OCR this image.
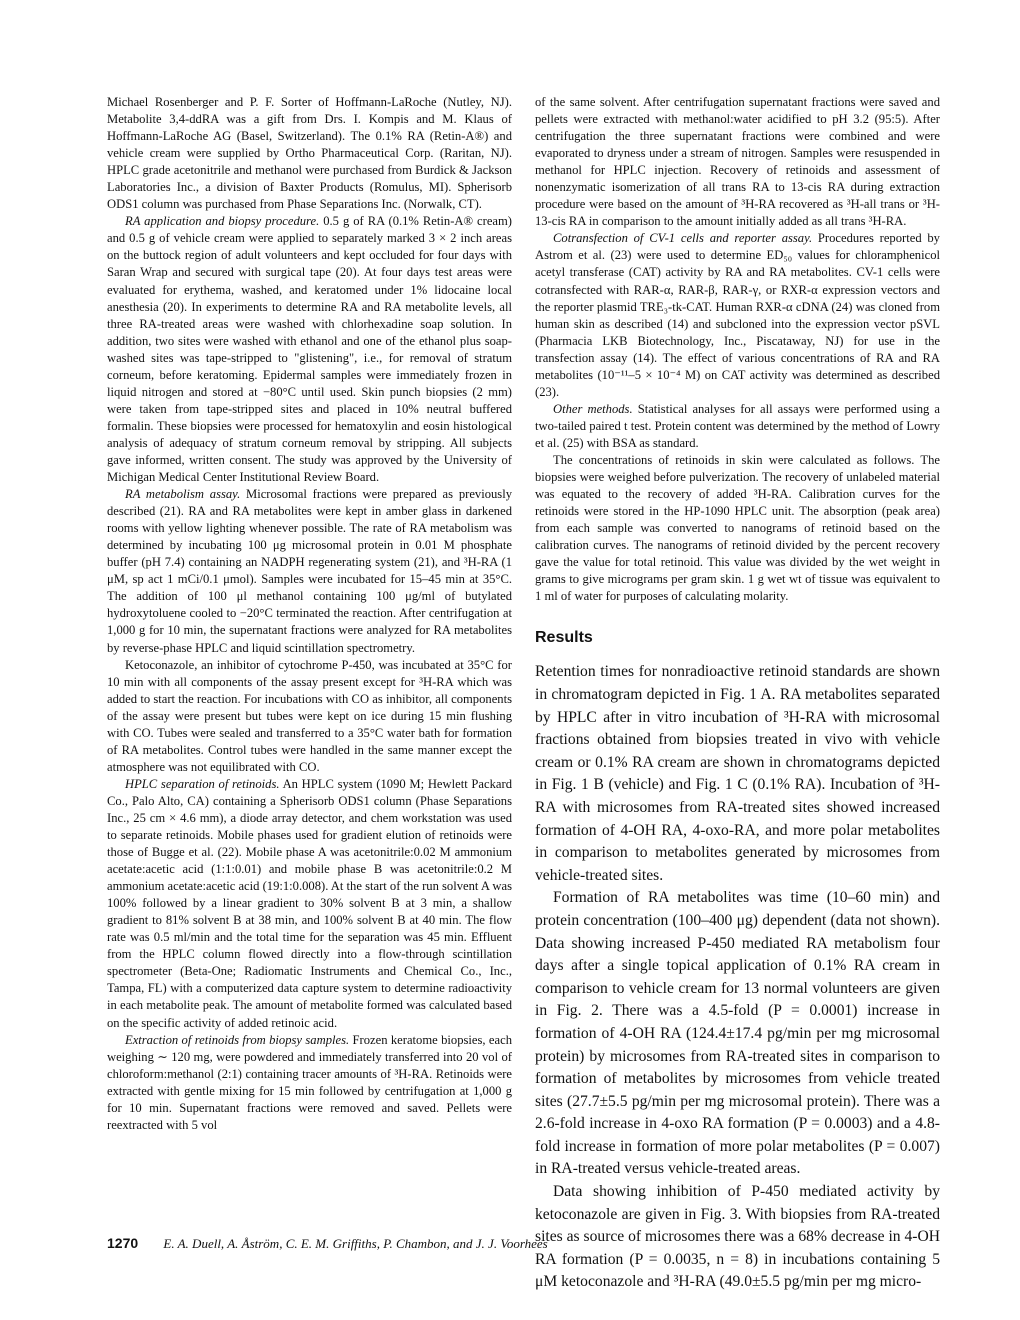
Michael Rosenberger and P. F. Sorter of Hoffmann-LaRoche (Nutley, NJ). Metabolite 3,4-ddRA was a gift from Drs. I. Kompis and M. Klaus of Hoffmann-LaRoche AG (Basel, Switzerland). The 0.1% RA (Retin-A®) and vehicle cream were supplied by Ortho Pharmaceutical Corp. (Raritan, NJ). HPLC grade acetonitrile and methanol were purchased from Burdick & Jackson Laboratories Inc., a division of Baxter Products (Romulus, MI). Spherisorb ODS1 column was purchased from Phase Separations Inc. (Norwalk, CT).

RA application and biopsy procedure. 0.5 g of RA (0.1% Retin-A® cream) and 0.5 g of vehicle cream were applied to separately marked 3 × 2 inch areas on the buttock region of adult volunteers and kept occluded for four days with Saran Wrap and secured with surgical tape (20). At four days test areas were evaluated for erythema, washed, and keratomed under 1% lidocaine local anesthesia (20). In experiments to determine RA and RA metabolite levels, all three RA-treated areas were washed with chlorhexadine soap solution. In addition, two sites were washed with ethanol and one of the ethanol plus soap-washed sites was tape-stripped to "glistening", i.e., for removal of stratum corneum, before keratoming. Epidermal samples were immediately frozen in liquid nitrogen and stored at −80°C until used. Skin punch biopsies (2 mm) were taken from tape-stripped sites and placed in 10% neutral buffered formalin. These biopsies were processed for hematoxylin and eosin histological analysis of adequacy of stratum corneum removal by stripping. All subjects gave informed, written consent. The study was approved by the University of Michigan Medical Center Institutional Review Board.

RA metabolism assay. Microsomal fractions were prepared as previously described (21). RA and RA metabolites were kept in amber glass in darkened rooms with yellow lighting whenever possible. The rate of RA metabolism was determined by incubating 100 μg microsomal protein in 0.01 M phosphate buffer (pH 7.4) containing an NADPH regenerating system (21), and ³H-RA (1 μM, sp act 1 mCi/0.1 μmol). Samples were incubated for 15–45 min at 35°C. The addition of 100 μl methanol containing 100 μg/ml of butylated hydroxytoluene cooled to −20°C terminated the reaction. After centrifugation at 1,000 g for 10 min, the supernatant fractions were analyzed for RA metabolites by reverse-phase HPLC and liquid scintillation spectrometry.

Ketoconazole, an inhibitor of cytochrome P-450, was incubated at 35°C for 10 min with all components of the assay present except for ³H-RA which was added to start the reaction. For incubations with CO as inhibitor, all components of the assay were present but tubes were kept on ice during 15 min flushing with CO. Tubes were sealed and transferred to a 35°C water bath for formation of RA metabolites. Control tubes were handled in the same manner except the atmosphere was not equilibrated with CO.

HPLC separation of retinoids. An HPLC system (1090 M; Hewlett Packard Co., Palo Alto, CA) containing a Spherisorb ODS1 column (Phase Separations Inc., 25 cm × 4.6 mm), a diode array detector, and chem workstation was used to separate retinoids. Mobile phases used for gradient elution of retinoids were those of Bugge et al. (22). Mobile phase A was acetonitrile:0.02 M ammonium acetate:acetic acid (1:1:0.01) and mobile phase B was acetonitrile:0.2 M ammonium acetate:acetic acid (19:1:0.008). At the start of the run solvent A was 100% followed by a linear gradient to 30% solvent B at 3 min, a shallow gradient to 81% solvent B at 38 min, and 100% solvent B at 40 min. The flow rate was 0.5 ml/min and the total time for the separation was 45 min. Effluent from the HPLC column flowed directly into a flow-through scintillation spectrometer (Beta-One; Radiomatic Instruments and Chemical Co., Inc., Tampa, FL) with a computerized data capture system to determine radioactivity in each metabolite peak. The amount of metabolite formed was calculated based on the specific activity of added retinoic acid.

Extraction of retinoids from biopsy samples. Frozen keratome biopsies, each weighing ∼ 120 mg, were powdered and immediately transferred into 20 vol of chloroform:methanol (2:1) containing tracer amounts of ³H-RA. Retinoids were extracted with gentle mixing for 15 min followed by centrifugation at 1,000 g for 10 min. Supernatant fractions were removed and saved. Pellets were reextracted with 5 vol

of the same solvent. After centrifugation supernatant fractions were saved and pellets were extracted with methanol:water acidified to pH 3.2 (95:5). After centrifugation the three supernatant fractions were combined and were evaporated to dryness under a stream of nitrogen. Samples were resuspended in methanol for HPLC injection. Recovery of retinoids and assessment of nonenzymatic isomerization of all trans RA to 13-cis RA during extraction procedure were based on the amount of ³H-RA recovered as ³H-all trans or ³H-13-cis RA in comparison to the amount initially added as all trans ³H-RA.

Cotransfection of CV-1 cells and reporter assay. Procedures reported by Astrom et al. (23) were used to determine ED₅₀ values for chloramphenicol acetyl transferase (CAT) activity by RA and RA metabolites. CV-1 cells were cotransfected with RAR-α, RAR-β, RAR-γ, or RXR-α expression vectors and the reporter plasmid TRE₃-tk-CAT. Human RXR-α cDNA (24) was cloned from human skin as described (14) and subcloned into the expression vector pSVL (Pharmacia LKB Biotechnology, Inc., Piscataway, NJ) for use in the transfection assay (14). The effect of various concentrations of RA and RA metabolites (10⁻¹¹–5 × 10⁻⁴ M) on CAT activity was determined as described (23).

Other methods. Statistical analyses for all assays were performed using a two-tailed paired t test. Protein content was determined by the method of Lowry et al. (25) with BSA as standard.

The concentrations of retinoids in skin were calculated as follows. The biopsies were weighed before pulverization. The recovery of unlabeled material was equated to the recovery of added ³H-RA. Calibration curves for the retinoids were stored in the HP-1090 HPLC unit. The absorption (peak area) from each sample was converted to nanograms of retinoid based on the calibration curves. The nanograms of retinoid divided by the percent recovery gave the value for total retinoid. This value was divided by the wet weight in grams to give micrograms per gram skin. 1 g wet wt of tissue was equivalent to 1 ml of water for purposes of calculating molarity.

Results

Retention times for nonradioactive retinoid standards are shown in chromatogram depicted in Fig. 1 A. RA metabolites separated by HPLC after in vitro incubation of ³H-RA with microsomal fractions obtained from biopsies treated in vivo with vehicle cream or 0.1% RA cream are shown in chromatograms depicted in Fig. 1 B (vehicle) and Fig. 1 C (0.1% RA). Incubation of ³H-RA with microsomes from RA-treated sites showed increased formation of 4-OH RA, 4-oxo-RA, and more polar metabolites in comparison to metabolites generated by microsomes from vehicle-treated sites.

Formation of RA metabolites was time (10–60 min) and protein concentration (100–400 μg) dependent (data not shown). Data showing increased P-450 mediated RA metabolism four days after a single topical application of 0.1% RA cream in comparison to vehicle cream for 13 normal volunteers are given in Fig. 2. There was a 4.5-fold (P = 0.0001) increase in formation of 4-OH RA (124.4±17.4 pg/min per mg microsomal protein) by microsomes from RA-treated sites in comparison to formation of metabolites by microsomes from vehicle treated sites (27.7±5.5 pg/min per mg microsomal protein). There was a 2.6-fold increase in 4-oxo RA formation (P = 0.0003) and a 4.8-fold increase in formation of more polar metabolites (P = 0.007) in RA-treated versus vehicle-treated areas.

Data showing inhibition of P-450 mediated activity by ketoconazole are given in Fig. 3. With biopsies from RA-treated sites as source of microsomes there was a 68% decrease in 4-OH RA formation (P = 0.0035, n = 8) in incubations containing 5 μM ketoconazole and ³H-RA (49.0±5.5 pg/min per mg micro-

1270 E. A. Duell, A. Åström, C. E. M. Griffiths, P. Chambon, and J. J. Voorhees
